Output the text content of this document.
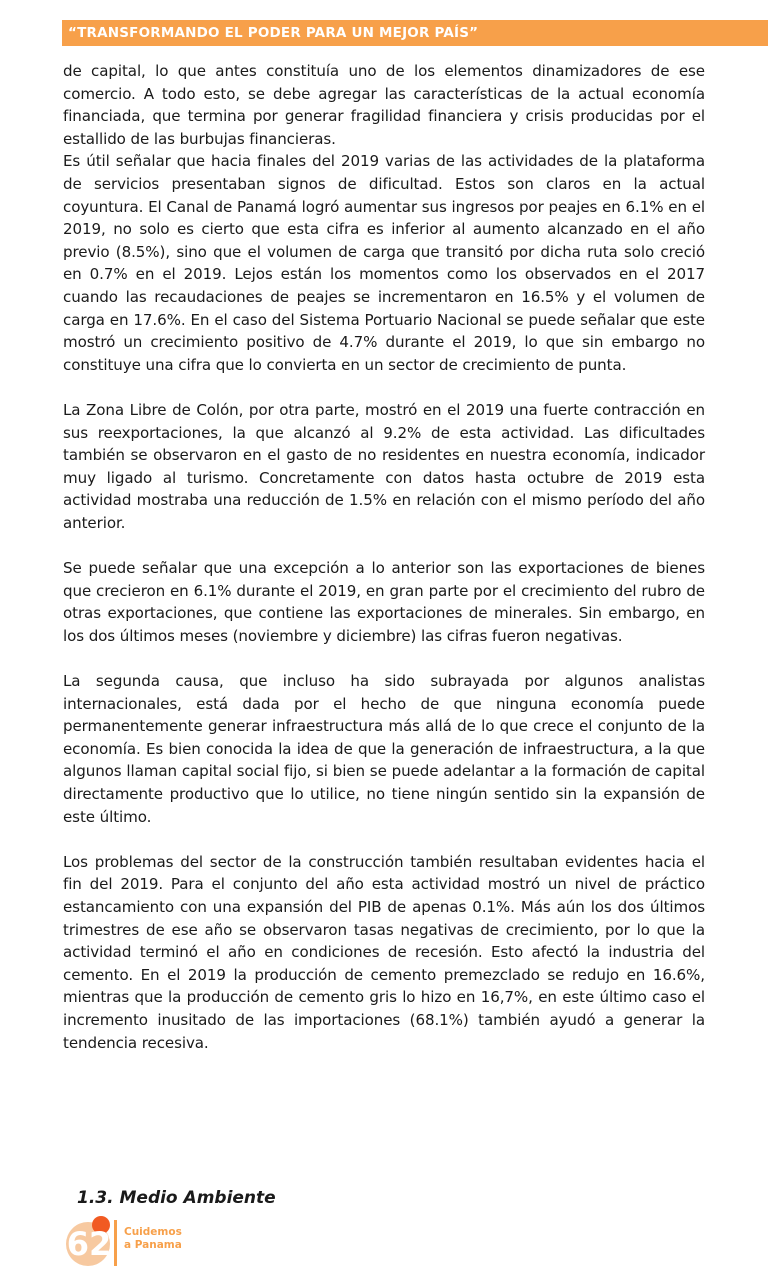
“TRANSFORMANDO EL PODER PARA UN MEJOR PAÍS”

de capital, lo que antes constituía uno de los elementos dinamizadores de ese comercio. A todo esto, se debe agregar las características de la actual economía financiada, que termina por generar fragilidad financiera y crisis producidas por el estallido de las burbujas financieras.

Es útil señalar que hacia finales del 2019 varias de las actividades de la plataforma de servicios presentaban signos de dificultad. Estos son claros en la actual coyuntura. El Canal de Panamá logró aumentar sus ingresos por peajes en 6.1% en el 2019, no solo es cierto que esta cifra es inferior al aumento alcanzado en el año previo (8.5%), sino que el volumen de carga que transitó por dicha ruta solo creció en 0.7% en el 2019. Lejos están los momentos como los observados en el 2017 cuando las recaudaciones de peajes se incrementaron en 16.5% y el volumen de carga en 17.6%. En el caso del Sistema Portuario Nacional se puede señalar que este mostró un crecimiento positivo de 4.7% durante el 2019, lo que sin embargo no constituye una cifra que lo convierta en un sector de crecimiento de punta.

La Zona Libre de Colón, por otra parte, mostró en el 2019 una fuerte contracción en sus reexportaciones, la que alcanzó al 9.2% de esta actividad. Las dificultades también se observaron en el gasto de no residentes en nuestra economía, indicador muy ligado al turismo. Concretamente con datos hasta octubre de 2019 esta actividad mostraba una reducción de 1.5% en relación con el mismo período del año anterior.

Se puede señalar que una excepción a lo anterior son las exportaciones de bienes que crecieron en 6.1% durante el 2019, en gran parte por el crecimiento del rubro de otras exportaciones, que contiene las exportaciones de minerales. Sin embargo, en los dos últimos meses (noviembre y diciembre) las cifras fueron negativas.

La segunda causa, que incluso ha sido subrayada por algunos analistas internacionales, está dada por el hecho de que ninguna economía puede permanentemente generar infraestructura más allá de lo que crece el conjunto de la economía. Es bien conocida la idea de que la generación de infraestructura, a la que algunos llaman capital social fijo, si bien se puede adelantar a la formación de capital directamente productivo que lo utilice, no tiene ningún sentido sin la expansión de este último.

Los problemas del sector de la construcción también resultaban evidentes hacia el fin del 2019. Para el conjunto del año esta actividad mostró un nivel de práctico estancamiento con una expansión del PIB de apenas 0.1%. Más aún los dos últimos trimestres de ese año se observaron tasas negativas de crecimiento, por lo que la actividad terminó el año en condiciones de recesión. Esto afectó la industria del cemento. En el 2019 la producción de cemento premezclado se redujo en 16.6%, mientras que la producción de cemento gris lo hizo en 16,7%, en este último caso el incremento inusitado de las importaciones (68.1%) también ayudó a generar la tendencia recesiva.

1.3. Medio Ambiente
62 Cuidemos
a Panama
